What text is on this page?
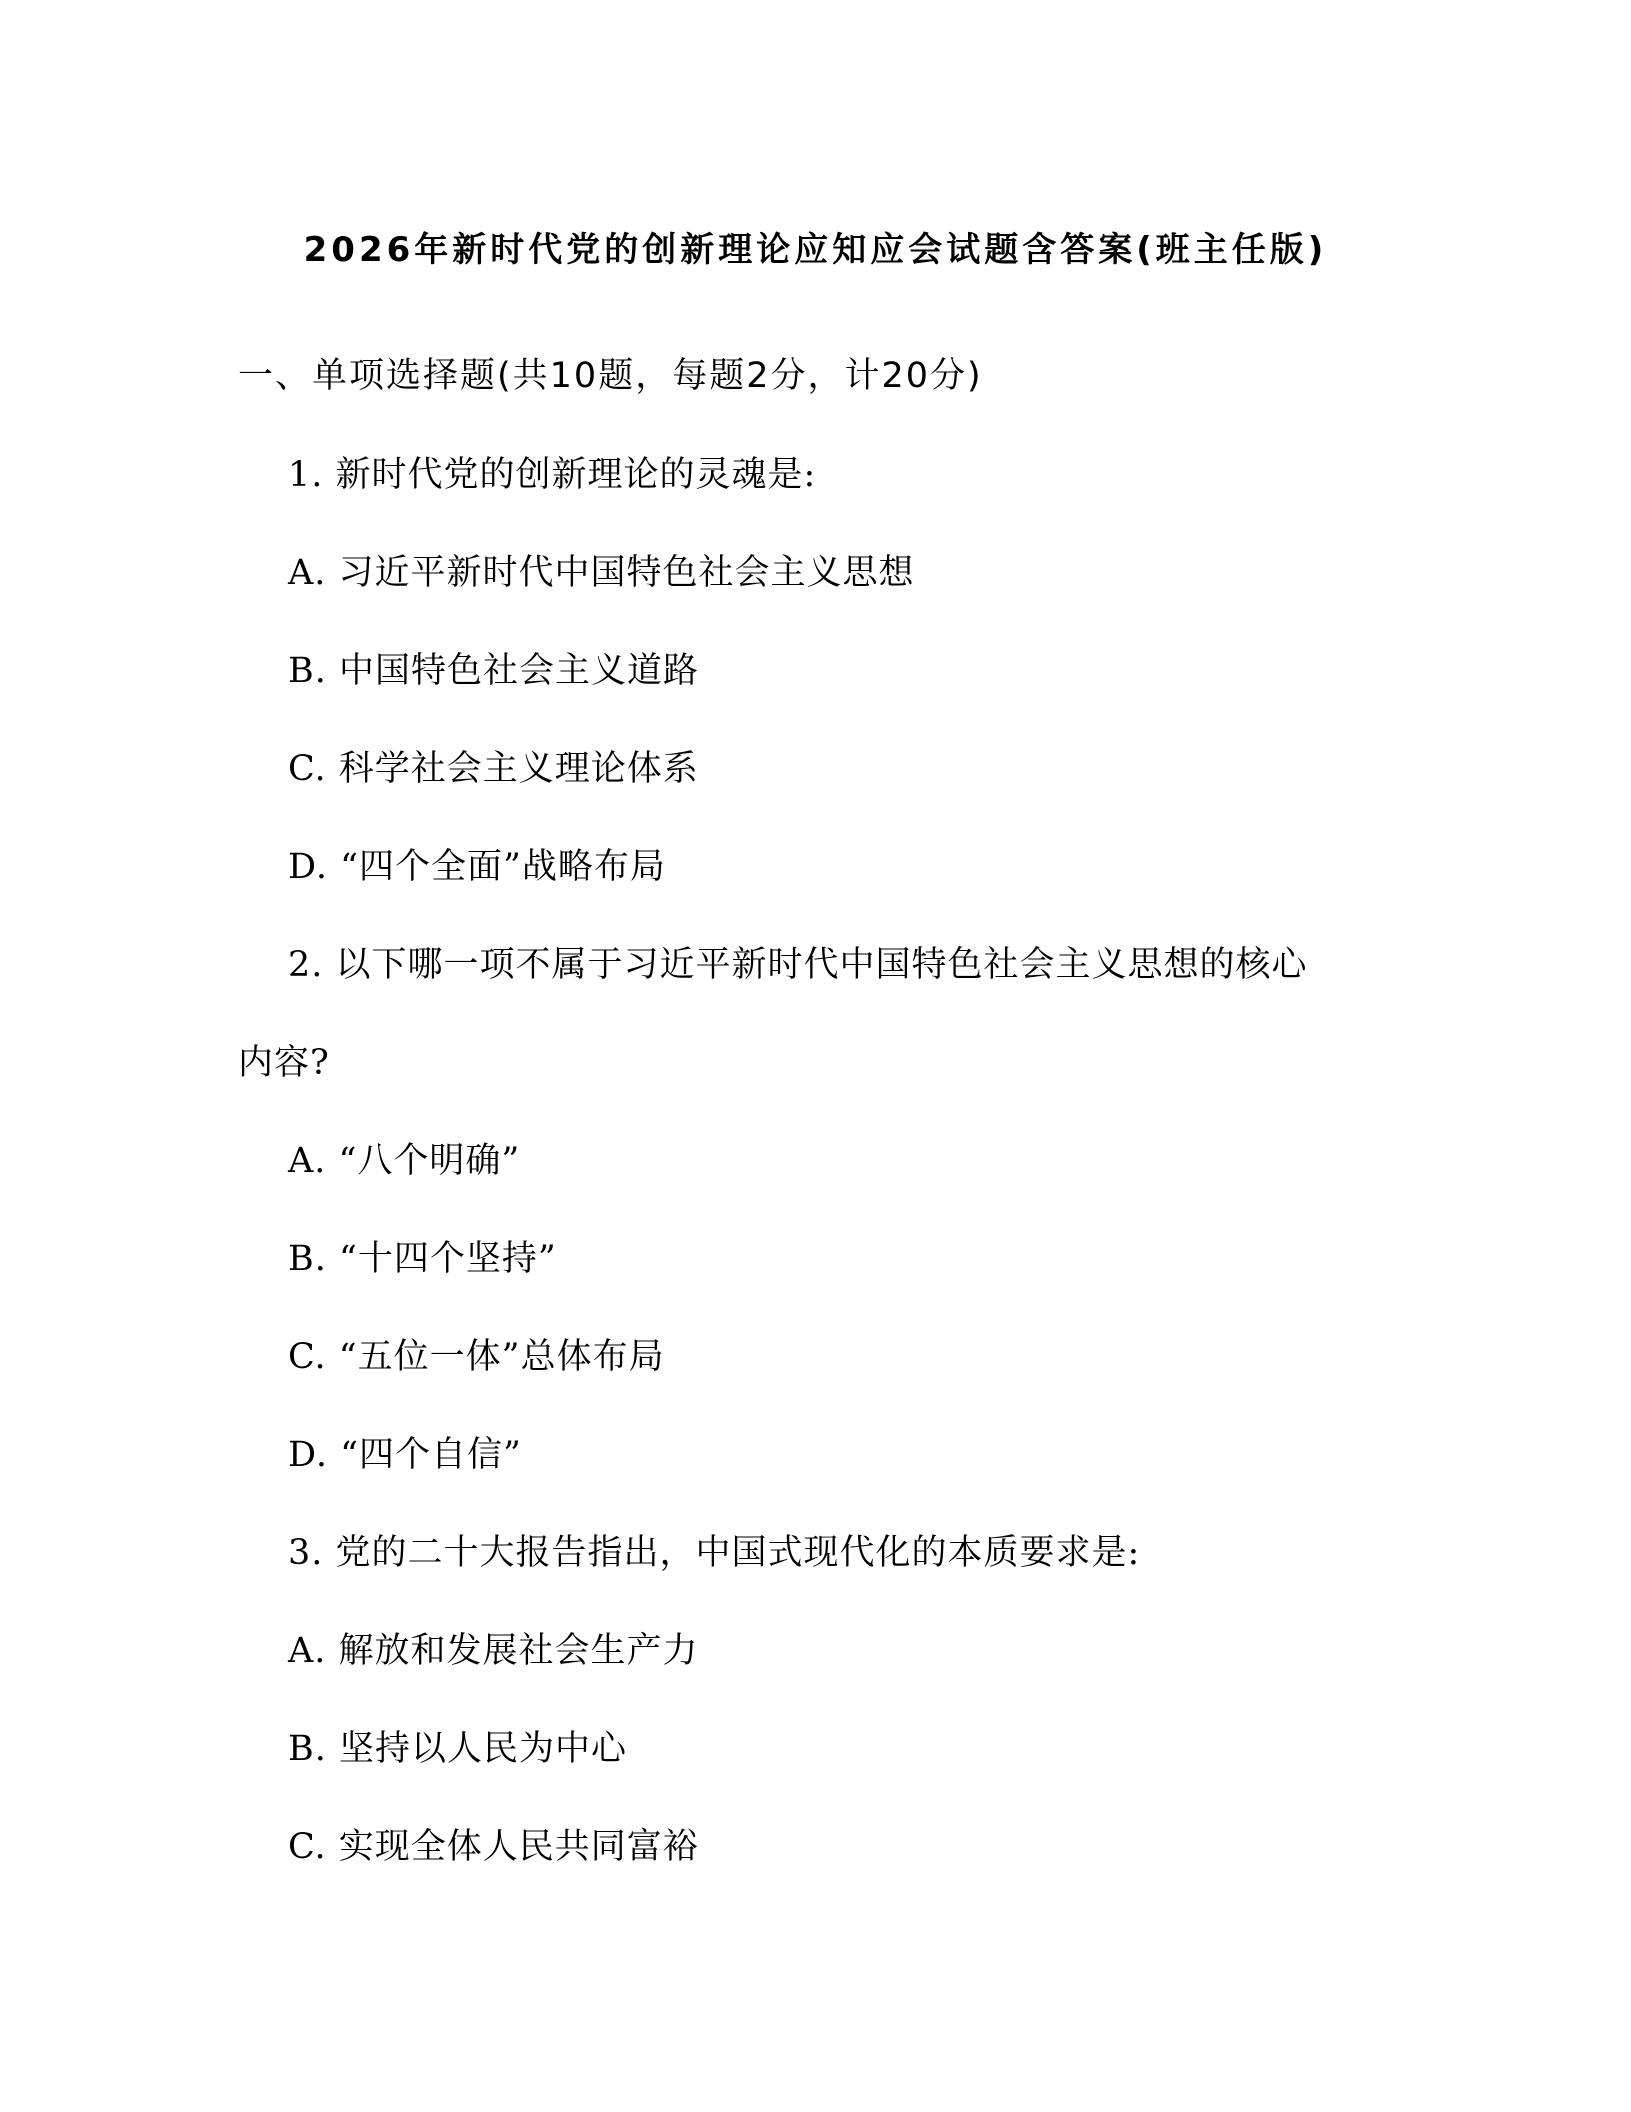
2026年新时代党的创新理论应知应会试题含答案(班主任版)
一、单项选择题(共10题，每题2分，计20分)
1. 新时代党的创新理论的灵魂是:
A. 习近平新时代中国特色社会主义思想
B. 中国特色社会主义道路
C. 科学社会主义理论体系
D. “四个全面”战略布局
2. 以下哪一项不属于习近平新时代中国特色社会主义思想的核心
内容?
A. “八个明确”
B. “十四个坚持”
C. “五位一体”总体布局
D. “四个自信”
3. 党的二十大报告指出，中国式现代化的本质要求是:
A. 解放和发展社会生产力
B. 坚持以人民为中心
C. 实现全体人民共同富裕
